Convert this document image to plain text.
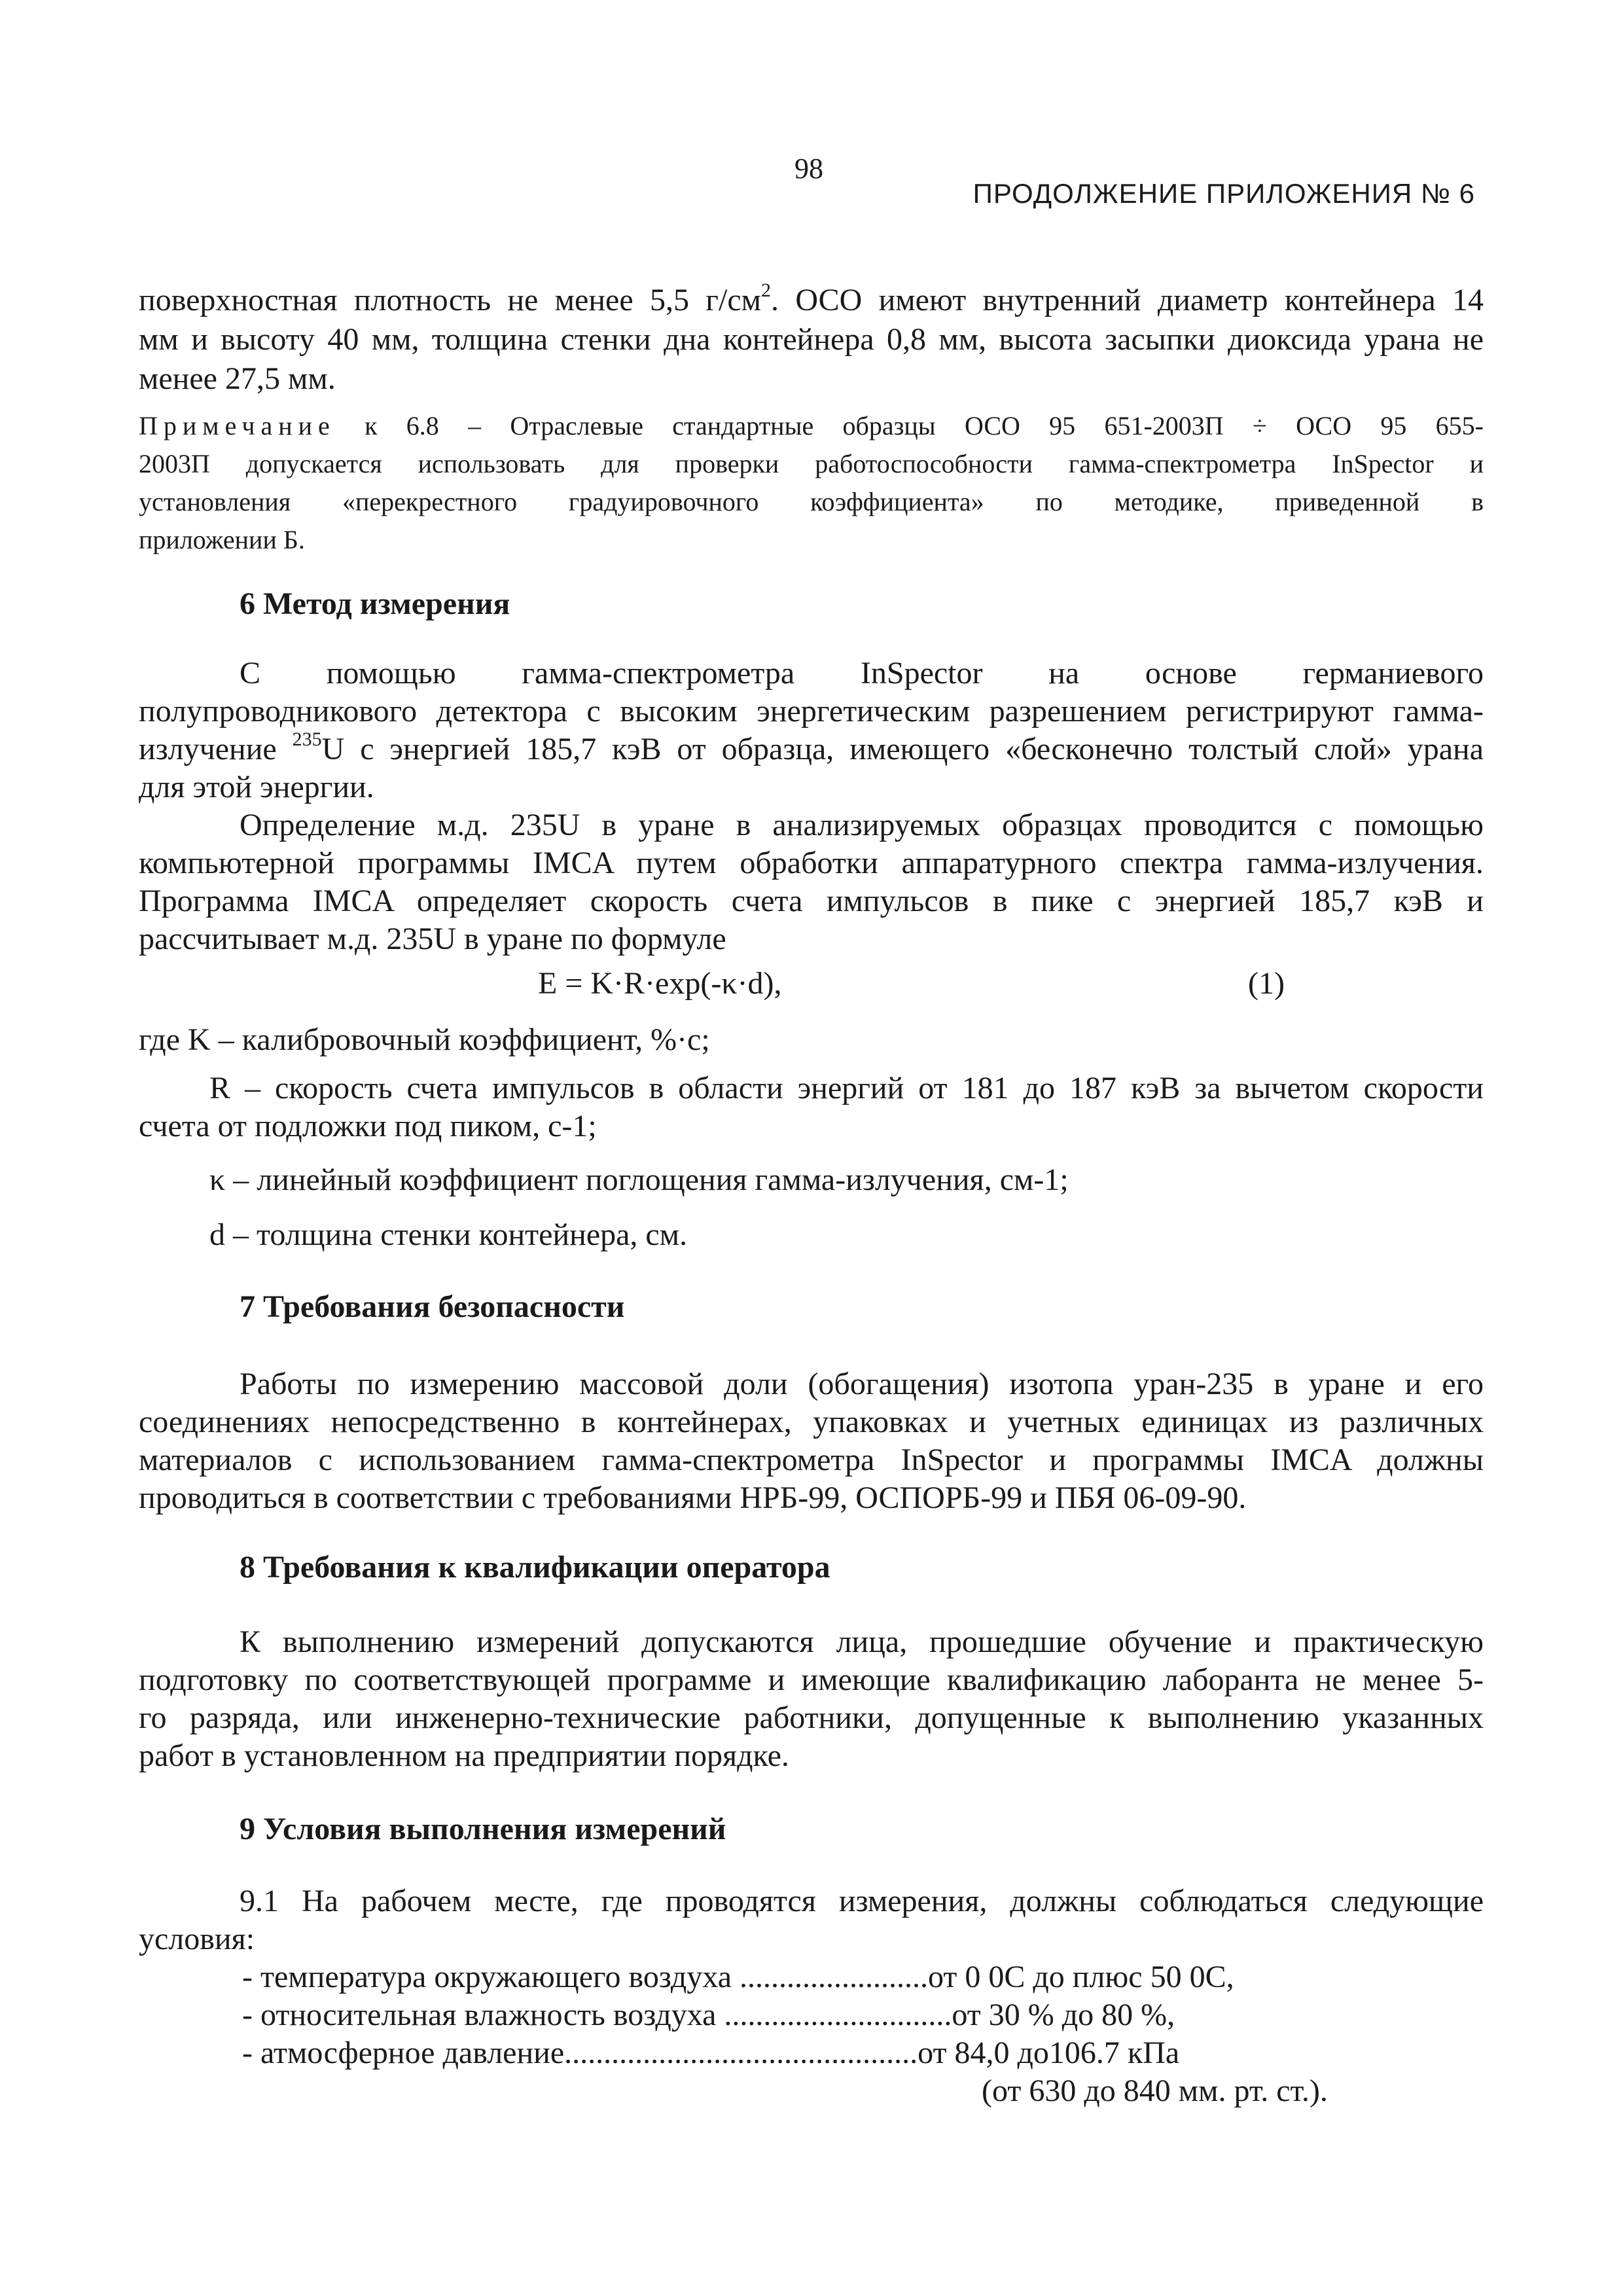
98
ПРОДОЛЖЕНИЕ ПРИЛОЖЕНИЯ № 6
поверхностная плотность не менее 5,5 $г/см^2$. ОСО имеют внутренний диаметр контейнера 14
мм и высоту 40 мм, толщина стенки дна контейнера 0,8 мм, высота засыпки диоксида урана не
менее 27,5 мм.
Примечание к 6.8 – Отраслевые стандартные образцы ОСО 95 651-2003П ÷ ОСО 95 655-
2003П допускается использовать для проверки работоспособности гамма-спектрометра InSpector и
установления «перекрестного градуировочного коэффициента» по методике, приведенной в
приложении Б.
6 Метод измерения
С помощью гамма-спектрометра InSpector на основе германиевого
полупроводникового детектора с высоким энергетическим разрешением регистрируют гамма-
излучение $^{235}$U с энергией 185,7 кэВ от образца, имеющего «бесконечно толстый слой» урана
для этой энергии.
Определение м.д. 235U в уране в анализируемых образцах проводится с помощью
компьютерной программы IMCA путем обработки аппаратурного спектра гамма-излучения.
Программа IMCA определяет скорость счета импульсов в пике с энергией 185,7 кэВ и
рассчитывает м.д. 235U в уране по формуле
E = K·R·exp(-κ·d),	(1)
где K – калибровочный коэффициент, %·с;
R – скорость счета импульсов в области энергий от 181 до 187 кэВ за вычетом скорости
счета от подложки под пиком, с-1;
κ – линейный коэффициент поглощения гамма-излучения, см-1;
d – толщина стенки контейнера, см.
7 Требования безопасности
Работы по измерению массовой доли (обогащения) изотопа уран-235 в уране и его
соединениях непосредственно в контейнерах, упаковках и учетных единицах из различных
материалов с использованием гамма-спектрометра InSpector и программы IMCA должны
проводиться в соответствии с требованиями НРБ-99, ОСПОРБ-99 и ПБЯ 06-09-90.
8 Требования к квалификации оператора
К выполнению измерений допускаются лица, прошедшие обучение и практическую
подготовку по соответствующей программе и имеющие квалификацию лаборанта не менее 5-
го разряда, или инженерно-технические работники, допущенные к выполнению указанных
работ в установленном на предприятии порядке.
9 Условия выполнения измерений
9.1 На рабочем месте, где проводятся измерения, должны соблюдаться следующие
условия:
- температура окружающего воздуха ........................от 0 0С до плюс 50 0С,
- относительная влажность воздуха .............................от 30 % до 80 %,
- атмосферное давление.............................................от 84,0 до106.7 кПа
(от 630 до 840 мм. рт. ст.).
